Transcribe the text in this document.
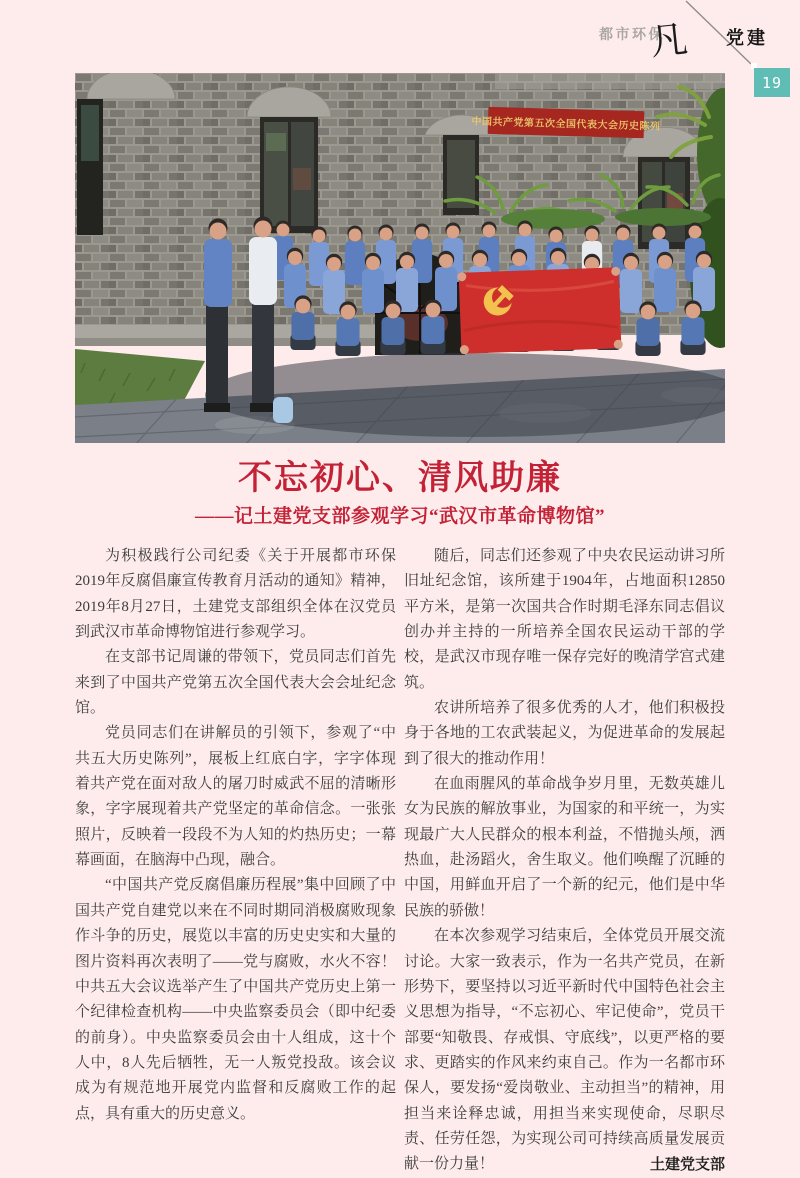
都市环保
凡 党建
19
中国共产党第五次全国代表大会历史陈列
不忘初心、清风助廉
——记土建党支部参观学习“武汉市革命博物馆”

为积极践行公司纪委《关于开展都市环保2019年反腐倡廉宣传教育月活动的通知》精神，2019年8月27日，土建党支部组织全体在汉党员到武汉市革命博物馆进行参观学习。

在支部书记周谦的带领下，党员同志们首先来到了中国共产党第五次全国代表大会会址纪念馆。

党员同志们在讲解员的引领下，参观了“中共五大历史陈列”，展板上红底白字，字字体现着共产党在面对敌人的屠刀时威武不屈的清晰形象，字字展现着共产党坚定的革命信念。一张张照片，反映着一段段不为人知的灼热历史；一幕幕画面，在脑海中凸现，融合。

“中国共产党反腐倡廉历程展”集中回顾了中国共产党自建党以来在不同时期同消极腐败现象作斗争的历史，展览以丰富的历史史实和大量的图片资料再次表明了——党与腐败，水火不容！中共五大会议选举产生了中国共产党历史上第一个纪律检查机构——中央监察委员会（即中纪委的前身）。中央监察委员会由十人组成，这十个人中，8人先后牺牲，无一人叛党投敌。该会议成为有规范地开展党内监督和反腐败工作的起点，具有重大的历史意义。

随后，同志们还参观了中央农民运动讲习所旧址纪念馆，该所建于1904年，占地面积12850平方米，是第一次国共合作时期毛泽东同志倡议创办并主持的一所培养全国农民运动干部的学校，是武汉市现存唯一保存完好的晚清学宫式建筑。

农讲所培养了很多优秀的人才，他们积极投身于各地的工农武装起义，为促进革命的发展起到了很大的推动作用！

在血雨腥风的革命战争岁月里，无数英雄儿女为民族的解放事业，为国家的和平统一，为实现最广大人民群众的根本利益，不惜抛头颅，洒热血，赴汤蹈火，舍生取义。他们唤醒了沉睡的中国，用鲜血开启了一个新的纪元，他们是中华民族的骄傲！

在本次参观学习结束后，全体党员开展交流讨论。大家一致表示，作为一名共产党员，在新形势下，要坚持以习近平新时代中国特色社会主义思想为指导，“不忘初心、牢记使命”，党员干部要“知敬畏、存戒惧、守底线”，以更严格的要求、更踏实的作风来约束自己。作为一名都市环保人，要发扬“爱岗敬业、主动担当”的精神，用担当来诠释忠诚，用担当来实现使命，尽职尽责、任劳任怨，为实现公司可持续高质量发展贡献一份力量！	土建党支部
